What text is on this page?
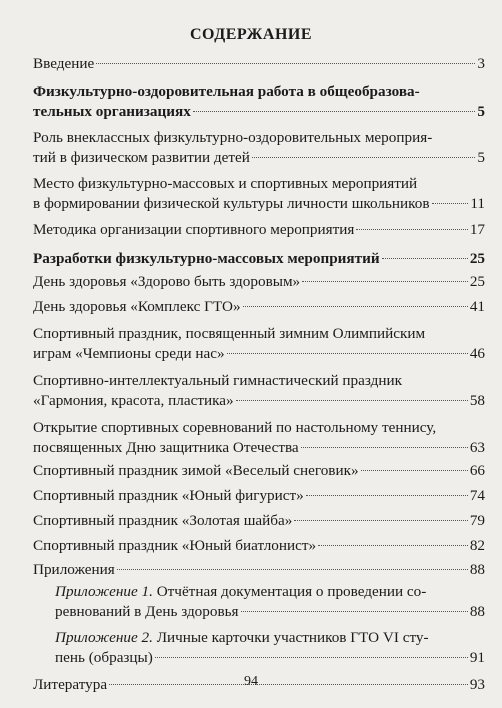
СОДЕРЖАНИЕ
Введение	3
Физкультурно-оздоровительная работа в общеобразова-
тельных организациях	5
Роль внеклассных физкультурно-оздоровительных мероприя-
тий в физическом развитии детей	5
Место физкультурно-массовых и спортивных мероприятий
в формировании физической культуры личности школьников	11
Методика организации спортивного мероприятия	17
Разработки физкультурно-массовых мероприятий	25
День здоровья «Здорово быть здоровым»	25
День здоровья «Комплекс ГТО»	41
Спортивный праздник, посвященный зимним Олимпийским
играм «Чемпионы среди нас»	46
Спортивно-интеллектуальный гимнастический праздник
«Гармония, красота, пластика»	58
Открытие спортивных соревнований по настольному теннису,
посвященных Дню защитника Отечества	63
Спортивный праздник зимой «Веселый снеговик»	66
Спортивный праздник «Юный фигурист»	74
Спортивный праздник «Золотая шайба»	79
Спортивный праздник «Юный биатлонист»	82
Приложения	88
Приложение 1. Отчётная документация о проведении со-
ревнований в День здоровья	88
Приложение 2. Личные карточки участников ГТО VI сту-
пень (образцы)	91
Литература	93
94
